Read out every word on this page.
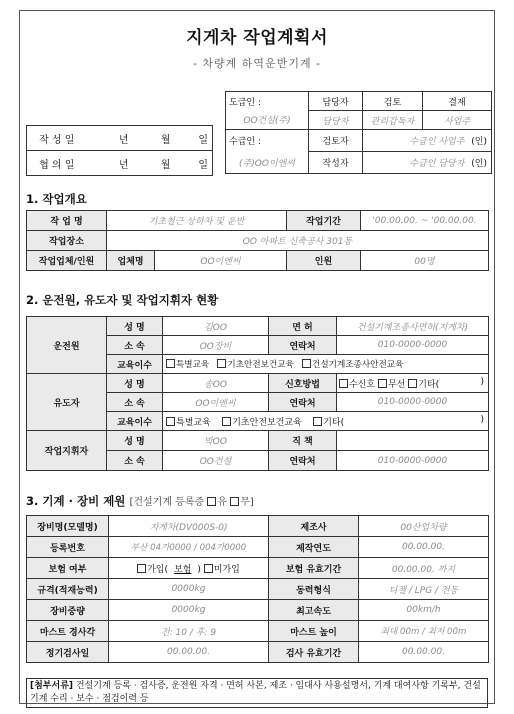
지게차 작업계획서
- 차량계 하역운반기계 -
작 성 일	년	월	일
협 의 일	년	월	일
도급인 :	담당자	검토	결재
OO건설(주)	담당자	관리감독자	사업주
수급인 :	검토자	수급인 사업주 (인)	
(주)OO이엔씨	작성자	수급인 담당자 (인)	
1. 작업개요
작 업 명	기초철근 상하차 및 운반		작업기간	'00.00.00. ~ '00.00.00.
작업장소	OO 아파트 신축공사 301동			
작업업체/인원	업체명	OO이엔씨	인원	00명
2. 운전원, 유도자 및 작업지휘자 현황
운전원	성 명	김OO	면 허	건설기계조종사면허(지게차)
	소 속	OO장비	연락처	010-0000-0000
	교육이수	특별교육 기초안전보건교육 건설기계조종사안전교육		
유도자	성 명	송OO	신호방법	수신호 무선 기타( )

	소 속	OO이엔씨	연락처	010-0000-0000
	교육이수	특별교육 기초안전보건교육 기타( )		

작업지휘자	성 명	박OO	직 책	
	소 속	OO건설	연락처	010-0000-0000
3. 기계 · 장비 제원 [건설기계 등록증 유 무]
장비명(모델명)	지게차(DV000S-0)	제조사	00산업차량
등록번호	부산 04가0000 / 004가0000	제작연도	00.00.00.
보험 여부	가입( 보험 ) 미가입	보험 유효기간	00.00.00. 까지
규격(적재능력)	0000kg	동력형식	디젤 / LPG / 전동
장비중량	0000kg	최고속도	00km/h
마스트 경사각	전: 10 / 후: 9	마스트 높이	최대 00m / 최저 00m
정기검사일	00.00.00.	검사 유효기간	00.00.00.
[첨부서류] 건설기계 등록 · 검사증, 운전원 자격 · 면허 사본, 제조 · 임대사 사용설명서, 기계 대여사항 기록부, 건설기계 수리 · 보수 · 점검이력 등
